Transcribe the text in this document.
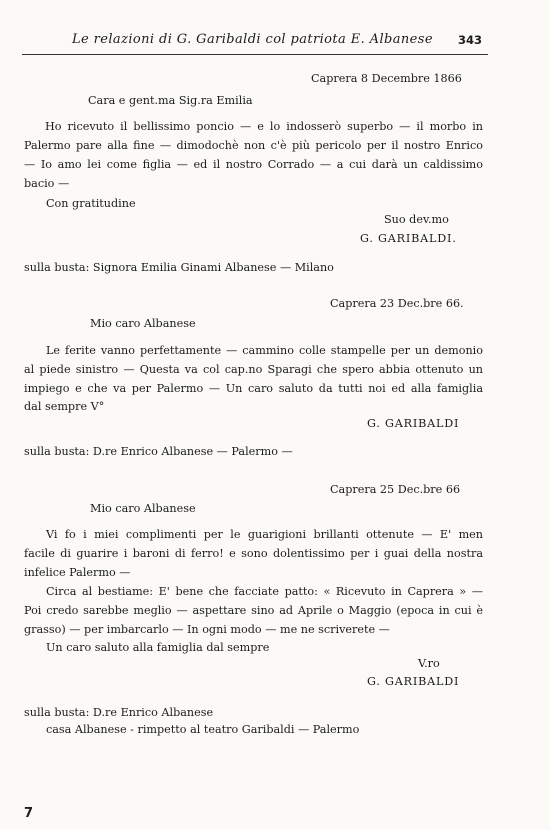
Le relazioni di G. Garibaldi col patriota E. Albanese 343
Caprera 8 Decembre 1866
Cara e gent.ma Sig.ra Emilia
Ho ricevuto il bellissimo poncio — e lo indosserò superbo — il morbo in
Palermo pare alla fine — dimodochè non c'è più pericolo per il nostro Enrico
— Io amo lei come figlia — ed il nostro Corrado — a cui darà un caldissimo
bacio —
Con gratitudine
Suo dev.mo
G. GARIBALDI.
sulla busta: Signora Emilia Ginami Albanese — Milano
Caprera 23 Dec.bre 66.
Mio caro Albanese
Le ferite vanno perfettamente — cammino colle stampelle per un demonio
al piede sinistro — Questa va col cap.no Sparagi che spero abbia ottenuto un
impiego e che va per Palermo — Un caro saluto da tutti noi ed alla famiglia
dal sempre V°
G. GARIBALDI
sulla busta: D.re Enrico Albanese — Palermo —
Caprera 25 Dec.bre 66
Mio caro Albanese
Vi fo i miei complimenti per le guarigioni brillanti ottenute — E' men
facile di guarire i baroni di ferro! e sono dolentissimo per i guai della nostra
infelice Palermo —
Circa al bestiame: E' bene che facciate patto: « Ricevuto in Caprera » —
Poi credo sarebbe meglio — aspettare sino ad Aprile o Maggio (epoca in cui è
grasso) — per imbarcarlo — In ogni modo — me ne scriverete —
Un caro saluto alla famiglia dal sempre
V.ro
G. GARIBALDI
sulla busta: D.re Enrico Albanese
casa Albanese - rimpetto al teatro Garibaldi — Palermo
7
